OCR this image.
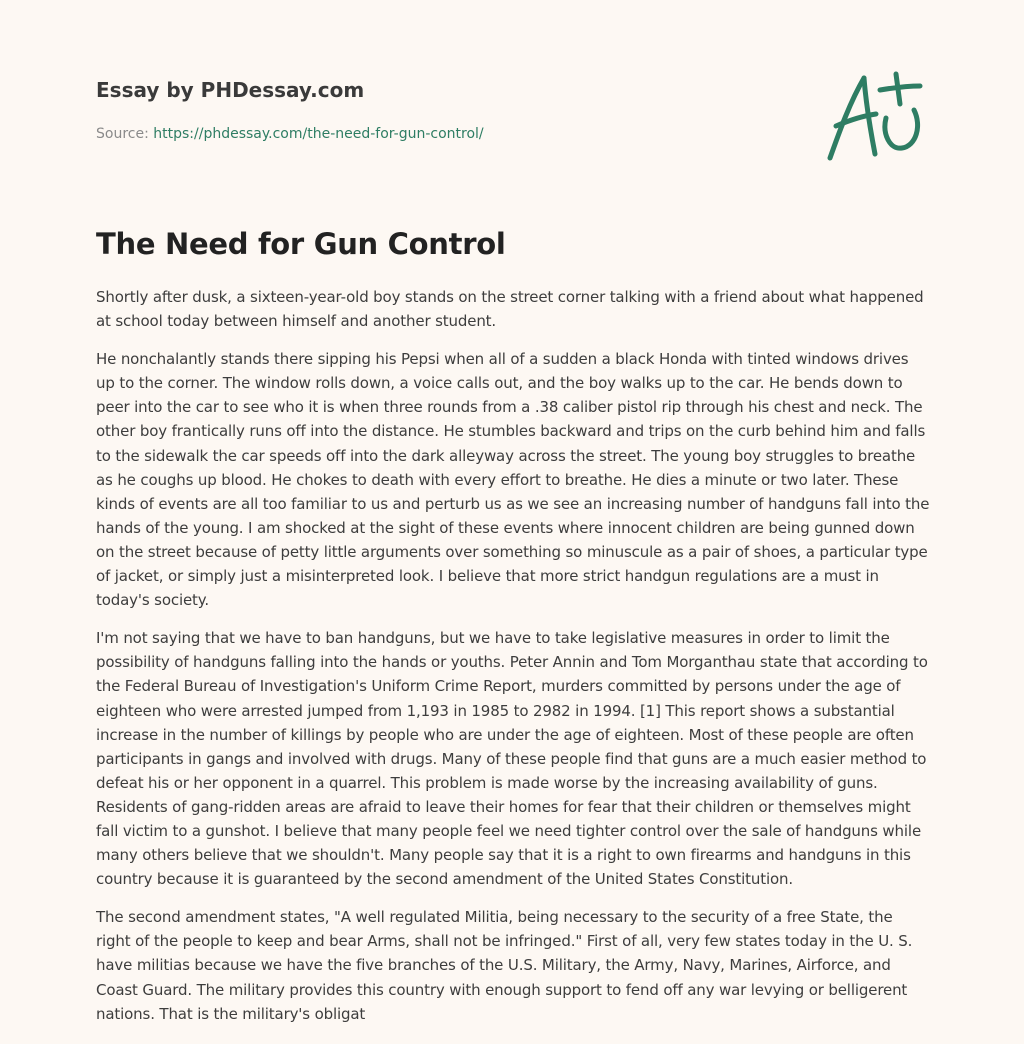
Essay by PHDessay.com
Source: https://phdessay.com/the-need-for-gun-control/
The Need for Gun Control

Shortly after dusk, a sixteen-year-old boy stands on the street corner talking with a friend about what happened at school today between himself and another student.

He nonchalantly stands there sipping his Pepsi when all of a sudden a black Honda with tinted windows drives up to the corner. The window rolls down, a voice calls out, and the boy walks up to the car. He bends down to peer into the car to see who it is when three rounds from a .38 caliber pistol rip through his chest and neck. The other boy frantically runs off into the distance. He stumbles backward and trips on the curb behind him and falls to the sidewalk the car speeds off into the dark alleyway across the street. The young boy struggles to breathe as he coughs up blood. He chokes to death with every effort to breathe. He dies a minute or two later. These kinds of events are all too familiar to us and perturb us as we see an increasing number of handguns fall into the hands of the young. I am shocked at the sight of these events where innocent children are being gunned down on the street because of petty little arguments over something so minuscule as a pair of shoes, a particular type of jacket, or simply just a misinterpreted look. I believe that more strict handgun regulations are a must in today's society.

I'm not saying that we have to ban handguns, but we have to take legislative measures in order to limit the possibility of handguns falling into the hands or youths. Peter Annin and Tom Morganthau state that according to the Federal Bureau of Investigation's Uniform Crime Report, murders committed by persons under the age of eighteen who were arrested jumped from 1,193 in 1985 to 2982 in 1994. [1] This report shows a substantial increase in the number of killings by people who are under the age of eighteen. Most of these people are often participants in gangs and involved with drugs. Many of these people find that guns are a much easier method to defeat his or her opponent in a quarrel. This problem is made worse by the increasing availability of guns. Residents of gang-ridden areas are afraid to leave their homes for fear that their children or themselves might fall victim to a gunshot. I believe that many people feel we need tighter control over the sale of handguns while many others believe that we shouldn't. Many people say that it is a right to own firearms and handguns in this country because it is guaranteed by the second amendment of the United States Constitution.

The second amendment states, "A well regulated Militia, being necessary to the security of a free State, the right of the people to keep and bear Arms, shall not be infringed." First of all, very few states today in the U. S. have militias because we have the five branches of the U.S. Military, the Army, Navy, Marines, Airforce, and Coast Guard. The military provides this country with enough support to fend off any war levying or belligerent nations. That is the military's obligat
